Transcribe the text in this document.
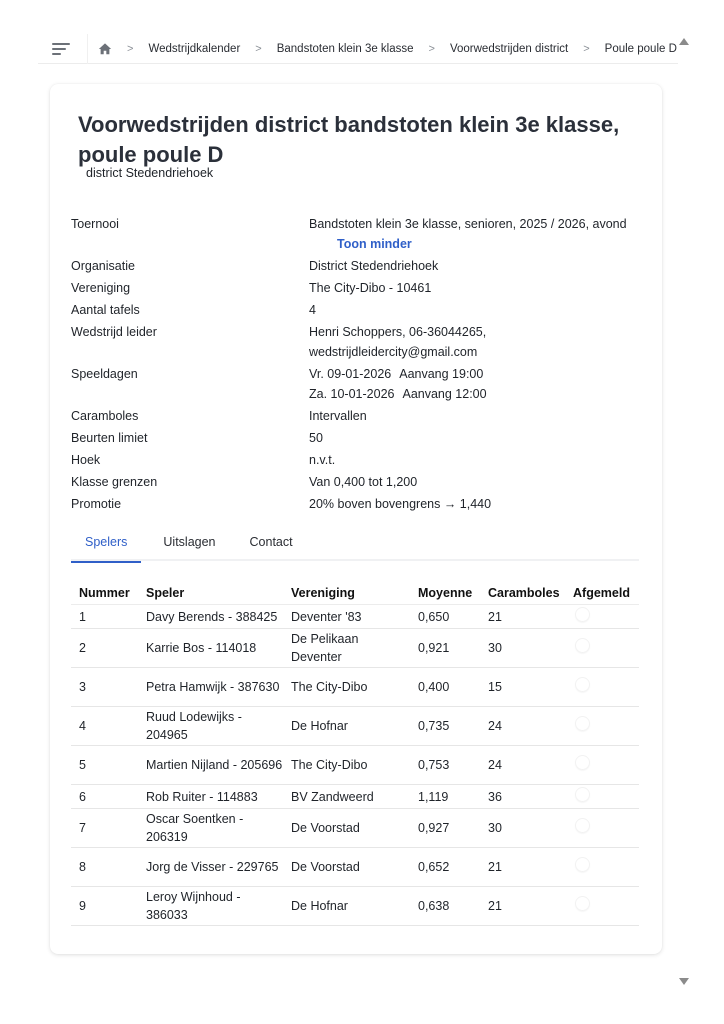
> Wedstrijdkalender > Bandstoten klein 3e klasse > Voorwedstrijden district > Poule poule D
Voorwedstrijden district bandstoten klein 3e klasse, poule poule D
district Stedendriehoek
Toernooi	Bandstoten klein 3e klasse, senioren, 2025 / 2026, avond
Toon minder
Organisatie	District Stedendriehoek
Vereniging	The City-Dibo - 10461
Aantal tafels	4
Wedstrijd leider	Henri Schoppers, 06-36044265,
wedstrijdleidercity@gmail.com
Speeldagen	Vr. 09-01-2026 Aanvang 19:00
Za. 10-01-2026 Aanvang 12:00
Caramboles	Intervallen
Beurten limiet	50
Hoek	n.v.t.
Klasse grenzen	Van 0,400 tot 1,200
Promotie	20% boven bovengrens → 1,440
Spelers	Uitslagen	Contact
Nummer	Speler	Vereniging	Moyenne	Caramboles	Afgemeld
1	Davy Berends - 388425	Deventer '83	0,650	21	
2	Karrie Bos - 114018	De Pelikaan Deventer	0,921	30	
3	Petra Hamwijk - 387630	The City-Dibo	0,400	15	
4	Ruud Lodewijks - 204965	De Hofnar	0,735	24	
5	Martien Nijland - 205696	The City-Dibo	0,753	24	
6	Rob Ruiter - 114883	BV Zandweerd	1,119	36	
7	Oscar Soentken - 206319	De Voorstad	0,927	30	
8	Jorg de Visser - 229765	De Voorstad	0,652	21	
9	Leroy Wijnhoud - 386033	De Hofnar	0,638	21	
